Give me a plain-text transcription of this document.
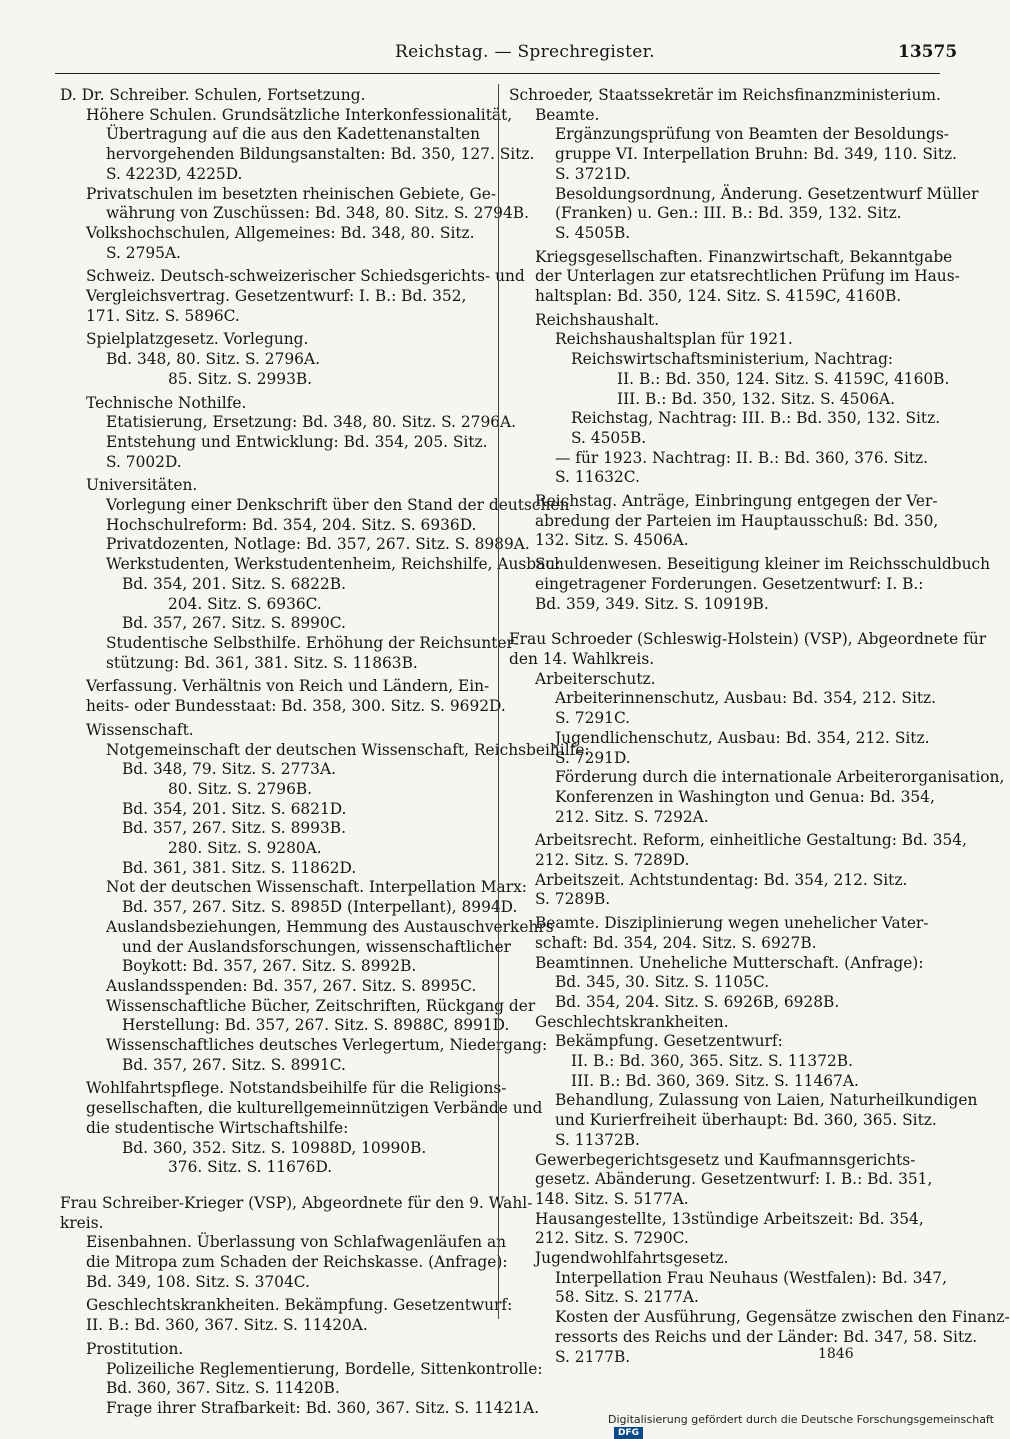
Reichstag. — Sprechregister.	13575
D. Dr. Schreiber. Schulen, Fortsetzung.
Höhere Schulen. Grundsätzliche Interkonfessionalität,
Übertragung auf die aus den Kadettenanstalten
hervorgehenden Bildungsanstalten: Bd. 350, 127. Sitz.
S. 4223D, 4225D.
Privatschulen im besetzten rheinischen Gebiete, Ge-
währung von Zuschüssen: Bd. 348, 80. Sitz. S. 2794B.
Volkshochschulen, Allgemeines: Bd. 348, 80. Sitz.
S. 2795A.
Schweiz. Deutsch-schweizerischer Schiedsgerichts- und
Vergleichsvertrag. Gesetzentwurf: I. B.: Bd. 352,
171. Sitz. S. 5896C.
Spielplatzgesetz. Vorlegung.
Bd. 348, 80. Sitz. S. 2796A.
85. Sitz. S. 2993B.
Technische Nothilfe.
Etatisierung, Ersetzung: Bd. 348, 80. Sitz. S. 2796A.
Entstehung und Entwicklung: Bd. 354, 205. Sitz.
S. 7002D.
Universitäten.
Vorlegung einer Denkschrift über den Stand der deutschen
Hochschulreform: Bd. 354, 204. Sitz. S. 6936D.
Privatdozenten, Notlage: Bd. 357, 267. Sitz. S. 8989A.
Werkstudenten, Werkstudentenheim, Reichshilfe, Ausbau:
Bd. 354, 201. Sitz. S. 6822B.
204. Sitz. S. 6936C.
Bd. 357, 267. Sitz. S. 8990C.
Studentische Selbsthilfe. Erhöhung der Reichsunter-
stützung: Bd. 361, 381. Sitz. S. 11863B.
Verfassung. Verhältnis von Reich und Ländern, Ein-
heits- oder Bundesstaat: Bd. 358, 300. Sitz. S. 9692D.
Wissenschaft.
Notgemeinschaft der deutschen Wissenschaft, Reichsbeihilfe:
Bd. 348, 79. Sitz. S. 2773A.
80. Sitz. S. 2796B.
Bd. 354, 201. Sitz. S. 6821D.
Bd. 357, 267. Sitz. S. 8993B.
280. Sitz. S. 9280A.
Bd. 361, 381. Sitz. S. 11862D.
Not der deutschen Wissenschaft. Interpellation Marx:
Bd. 357, 267. Sitz. S. 8985D (Interpellant), 8994D.
Auslandsbeziehungen, Hemmung des Austauschverkehrs
und der Auslandsforschungen, wissenschaftlicher
Boykott: Bd. 357, 267. Sitz. S. 8992B.
Auslandsspenden: Bd. 357, 267. Sitz. S. 8995C.
Wissenschaftliche Bücher, Zeitschriften, Rückgang der
Herstellung: Bd. 357, 267. Sitz. S. 8988C, 8991D.
Wissenschaftliches deutsches Verlegertum, Niedergang:
Bd. 357, 267. Sitz. S. 8991C.
Wohlfahrtspflege. Notstandsbeihilfe für die Religions-
gesellschaften, die kulturellgemeinnützigen Verbände und
die studentische Wirtschaftshilfe:
Bd. 360, 352. Sitz. S. 10988D, 10990B.
376. Sitz. S. 11676D.
Frau Schreiber-Krieger (VSP), Abgeordnete für den 9. Wahl-
kreis.
Eisenbahnen. Überlassung von Schlafwagenläufen an
die Mitropa zum Schaden der Reichskasse. (Anfrage):
Bd. 349, 108. Sitz. S. 3704C.
Geschlechtskrankheiten. Bekämpfung. Gesetzentwurf:
II. B.: Bd. 360, 367. Sitz. S. 11420A.
Prostitution.
Polizeiliche Reglementierung, Bordelle, Sittenkontrolle:
Bd. 360, 367. Sitz. S. 11420B.
Frage ihrer Strafbarkeit: Bd. 360, 367. Sitz. S. 11421A.
Schroeder, Staatssekretär im Reichsfinanzministerium.
Beamte.
Ergänzungsprüfung von Beamten der Besoldungs-
gruppe VI. Interpellation Bruhn: Bd. 349, 110. Sitz.
S. 3721D.
Besoldungsordnung, Änderung. Gesetzentwurf Müller
(Franken) u. Gen.: III. B.: Bd. 359, 132. Sitz.
S. 4505B.
Kriegsgesellschaften. Finanzwirtschaft, Bekanntgabe
der Unterlagen zur etatsrechtlichen Prüfung im Haus-
haltsplan: Bd. 350, 124. Sitz. S. 4159C, 4160B.
Reichshaushalt.
Reichshaushaltsplan für 1921.
Reichswirtschaftsministerium, Nachtrag:
II. B.: Bd. 350, 124. Sitz. S. 4159C, 4160B.
III. B.: Bd. 350, 132. Sitz. S. 4506A.
Reichstag, Nachtrag: III. B.: Bd. 350, 132. Sitz.
S. 4505B.
— für 1923. Nachtrag: II. B.: Bd. 360, 376. Sitz.
S. 11632C.
Reichstag. Anträge, Einbringung entgegen der Ver-
abredung der Parteien im Hauptausschuß: Bd. 350,
132. Sitz. S. 4506A.
Schuldenwesen. Beseitigung kleiner im Reichsschuldbuch
eingetragener Forderungen. Gesetzentwurf: I. B.:
Bd. 359, 349. Sitz. S. 10919B.
Frau Schroeder (Schleswig-Holstein) (VSP), Abgeordnete für
den 14. Wahlkreis.
Arbeiterschutz.
Arbeiterinnenschutz, Ausbau: Bd. 354, 212. Sitz.
S. 7291C.
Jugendlichenschutz, Ausbau: Bd. 354, 212. Sitz.
S. 7291D.
Förderung durch die internationale Arbeiterorganisation,
Konferenzen in Washington und Genua: Bd. 354,
212. Sitz. S. 7292A.
Arbeitsrecht. Reform, einheitliche Gestaltung: Bd. 354,
212. Sitz. S. 7289D.
Arbeitszeit. Achtstundentag: Bd. 354, 212. Sitz.
S. 7289B.
Beamte. Disziplinierung wegen unehelicher Vater-
schaft: Bd. 354, 204. Sitz. S. 6927B.
Beamtinnen. Uneheliche Mutterschaft. (Anfrage):
Bd. 345, 30. Sitz. S. 1105C.
Bd. 354, 204. Sitz. S. 6926B, 6928B.
Geschlechtskrankheiten.
Bekämpfung. Gesetzentwurf:
II. B.: Bd. 360, 365. Sitz. S. 11372B.
III. B.: Bd. 360, 369. Sitz. S. 11467A.
Behandlung, Zulassung von Laien, Naturheilkundigen
und Kurierfreiheit überhaupt: Bd. 360, 365. Sitz.
S. 11372B.
Gewerbegerichtsgesetz und Kaufmannsgerichts-
gesetz. Abänderung. Gesetzentwurf: I. B.: Bd. 351,
148. Sitz. S. 5177A.
Hausangestellte, 13stündige Arbeitszeit: Bd. 354,
212. Sitz. S. 7290C.
Jugendwohlfahrtsgesetz.
Interpellation Frau Neuhaus (Westfalen): Bd. 347,
58. Sitz. S. 2177A.
Kosten der Ausführung, Gegensätze zwischen den Finanz-
ressorts des Reichs und der Länder: Bd. 347, 58. Sitz.
S. 2177B.	1846
Digitalisierung gefördert durch die Deutsche Forschungsgemeinschaft DFG
